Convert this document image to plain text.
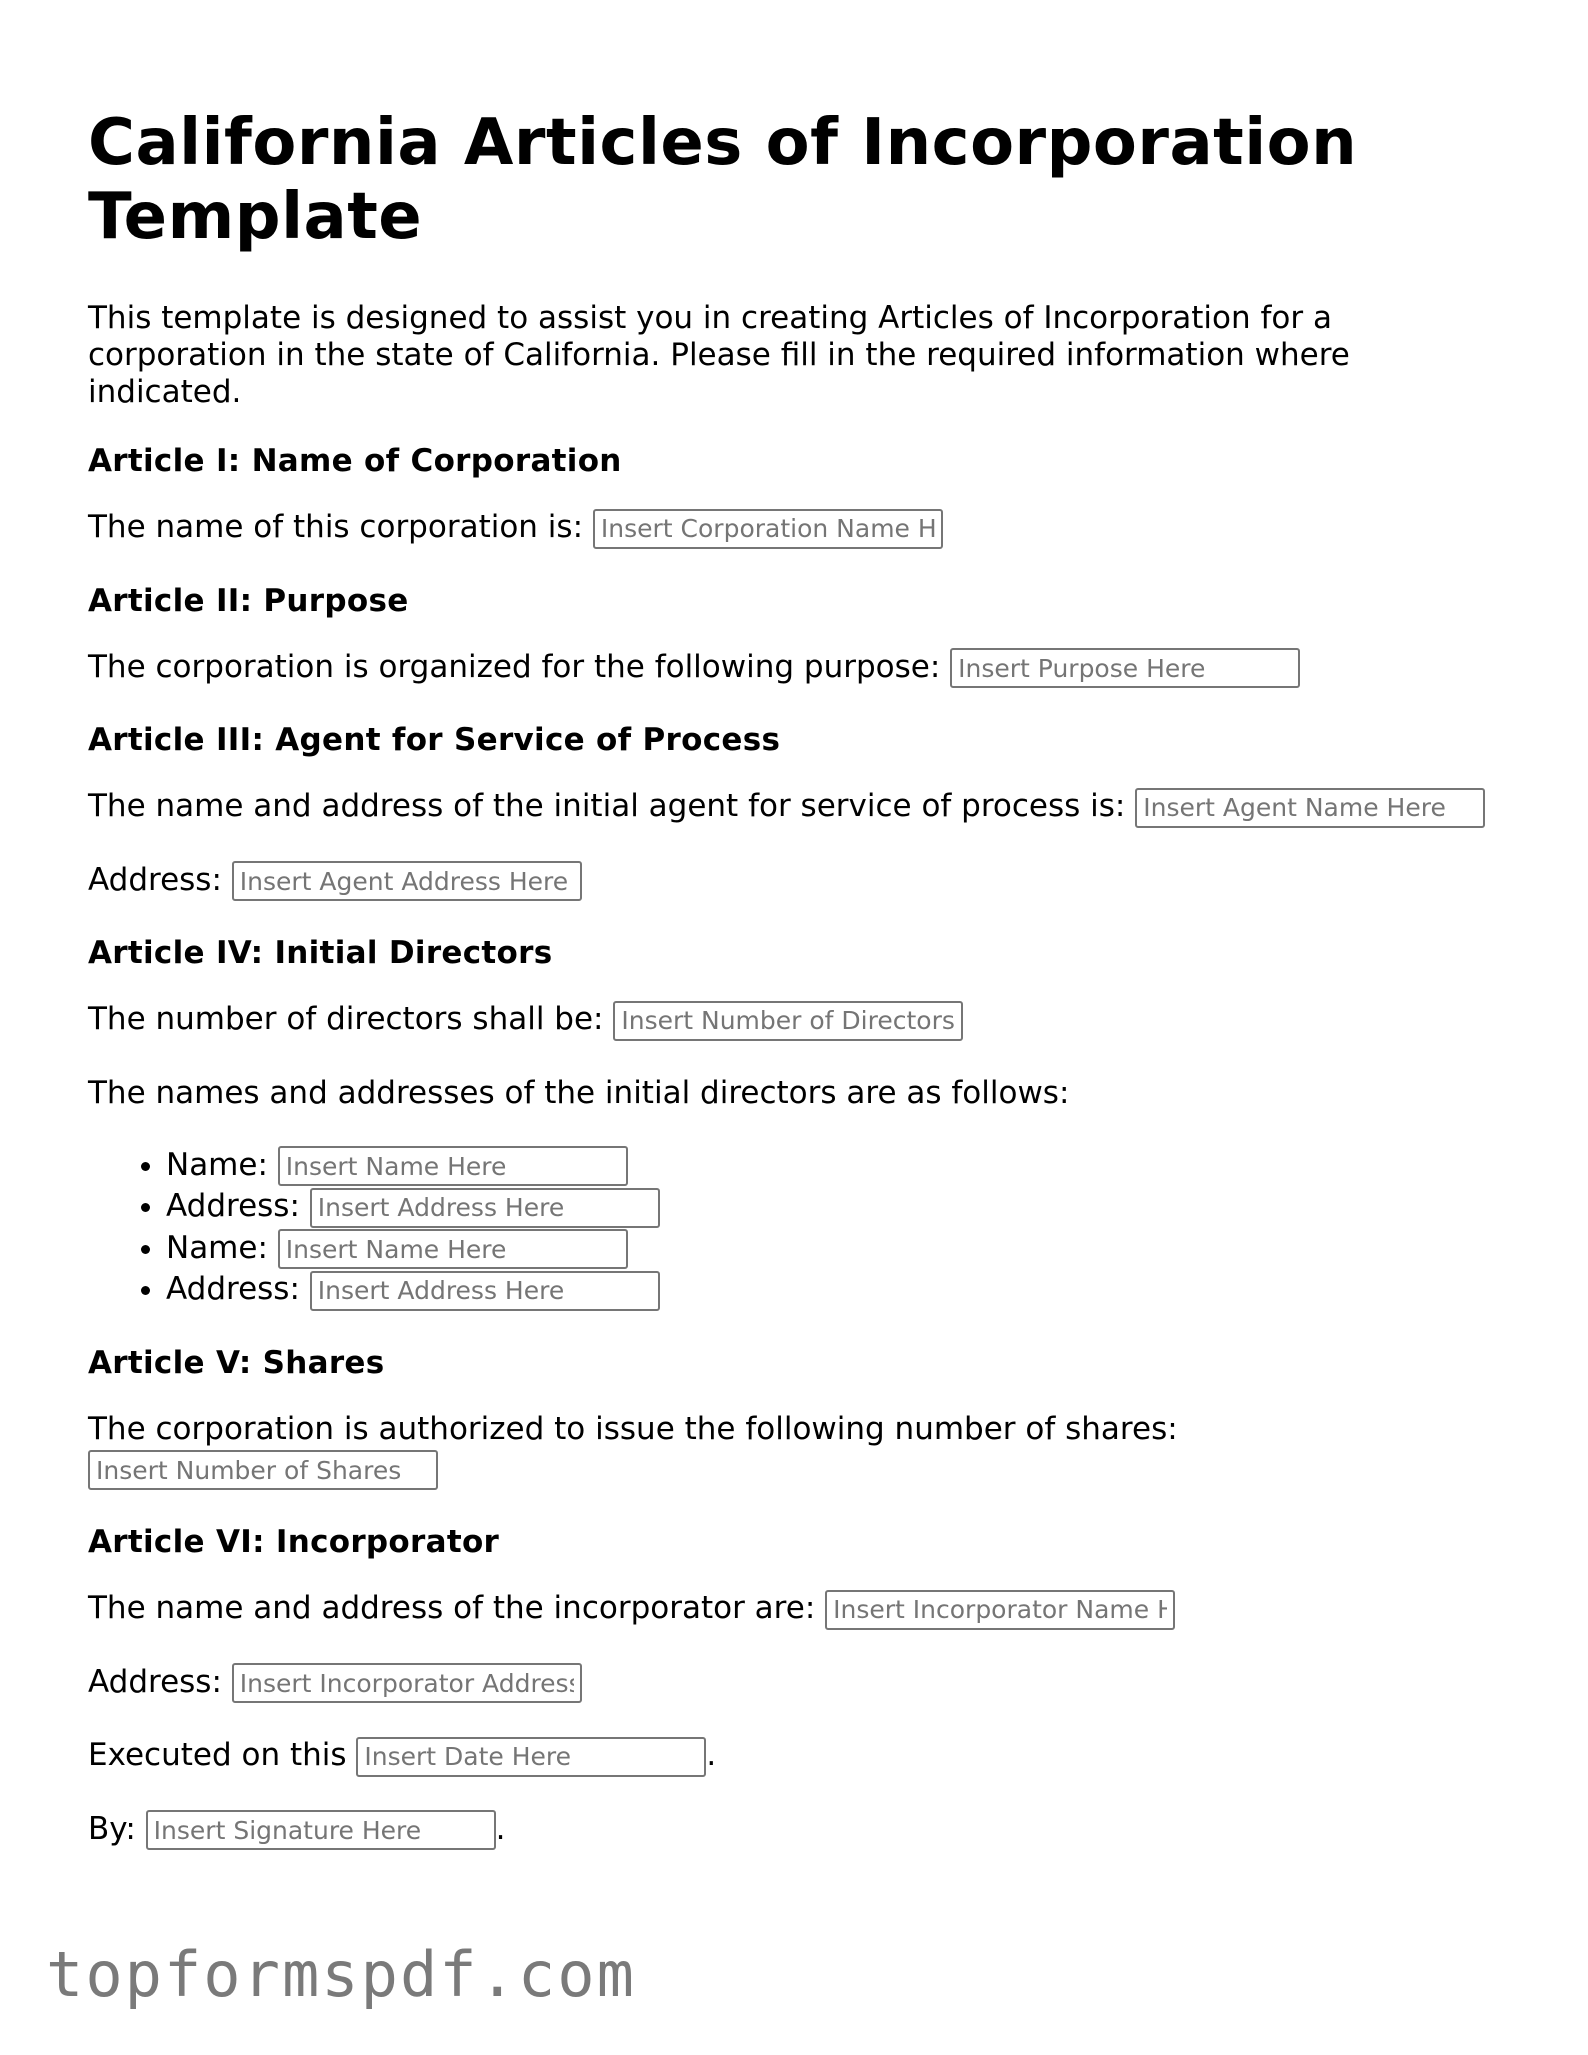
California Articles of Incorporation Template

This template is designed to assist you in creating Articles of Incorporation for a corporation in the state of California. Please fill in the required information where indicated.

Article I: Name of Corporation

The name of this corporation is: Insert Corporation Name Here

Article II: Purpose

The corporation is organized for the following purpose: Insert Purpose Here

Article III: Agent for Service of Process

The name and address of the initial agent for service of process is: Insert Agent Name Here

Address: Insert Agent Address Here

Article IV: Initial Directors

The number of directors shall be: Insert Number of Directors

The names and addresses of the initial directors are as follows:

• Name: Insert Name Here
• Address: Insert Address Here
• Name: Insert Name Here
• Address: Insert Address Here
Article V: Shares

The corporation is authorized to issue the following number of shares:
Insert Number of Shares

Article VI: Incorporator

The name and address of the incorporator are: Insert Incorporator Name Here

Address: Insert Incorporator Address Here

Executed on this Insert Date Here	.

By: Insert Signature Here	.

topformspdf.com
